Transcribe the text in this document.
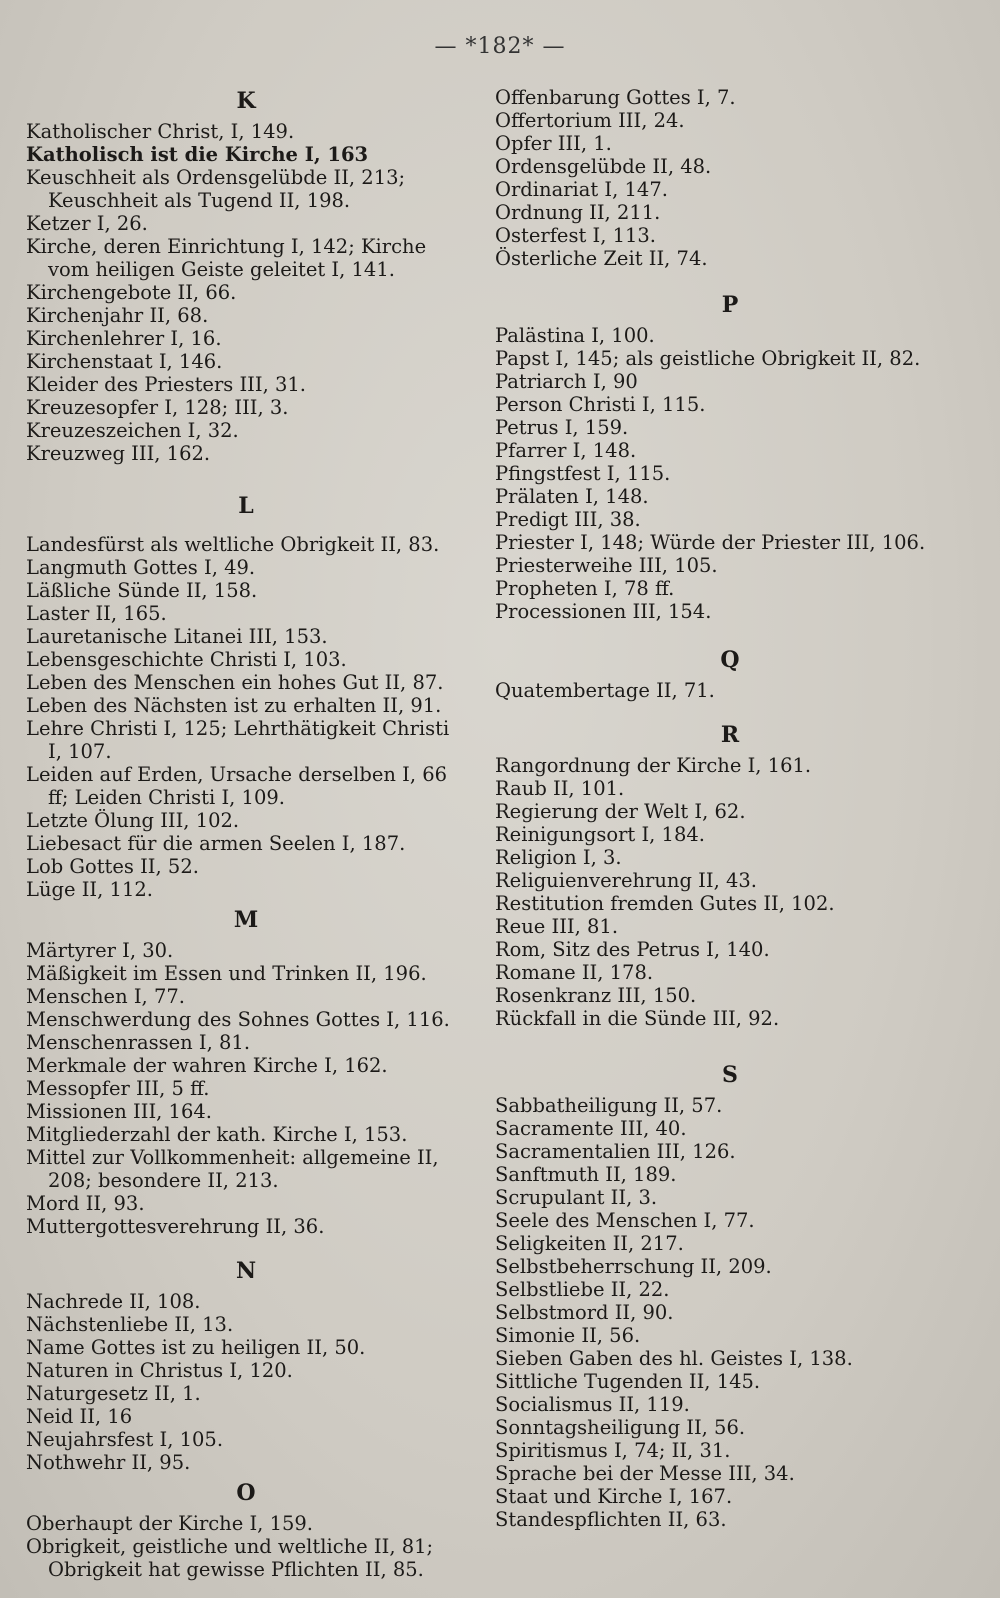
— *182* —
K
Katholischer Christ, I, 149.
Katholisch ist die Kirche I, 163
Keuschheit als Ordensgelübde II, 213; Keuschheit als Tugend II, 198.
Ketzer I, 26.
Kirche, deren Einrichtung I, 142; Kirche vom heiligen Geiste geleitet I, 141.
Kirchengebote II, 66.
Kirchenjahr II, 68.
Kirchenlehrer I, 16.
Kirchenstaat I, 146.
Kleider des Priesters III, 31.
Kreuzesopfer I, 128; III, 3.
Kreuzeszeichen I, 32.
Kreuzweg III, 162.
L
Landesfürst als weltliche Obrigkeit II, 83.
Langmuth Gottes I, 49.
Läßliche Sünde II, 158.
Laster II, 165.
Lauretanische Litanei III, 153.
Lebensgeschichte Christi I, 103.
Leben des Menschen ein hohes Gut II, 87.
Leben des Nächsten ist zu erhalten II, 91.
Lehre Christi I, 125; Lehrthätigkeit Christi I, 107.
Leiden auf Erden, Ursache derselben I, 66 ff; Leiden Christi I, 109.
Letzte Ölung III, 102.
Liebesact für die armen Seelen I, 187.
Lob Gottes II, 52.
Lüge II, 112.
M
Märtyrer I, 30.
Mäßigkeit im Essen und Trinken II, 196.
Menschen I, 77.
Menschwerdung des Sohnes Gottes I, 116.
Menschenrassen I, 81.
Merkmale der wahren Kirche I, 162.
Messopfer III, 5 ff.
Missionen III, 164.
Mitgliederzahl der kath. Kirche I, 153.
Mittel zur Vollkommenheit: allgemeine II, 208; besondere II, 213.
Mord II, 93.
Muttergottesverehrung II, 36.
N
Nachrede II, 108.
Nächstenliebe II, 13.
Name Gottes ist zu heiligen II, 50.
Naturen in Christus I, 120.
Naturgesetz II, 1.
Neid II, 16
Neujahrsfest I, 105.
Nothwehr II, 95.
O
Oberhaupt der Kirche I, 159.
Obrigkeit, geistliche und weltliche II, 81; Obrigkeit hat gewisse Pflichten II, 85.
Offenbarung Gottes I, 7.
Offertorium III, 24.
Opfer III, 1.
Ordensgelübde II, 48.
Ordinariat I, 147.
Ordnung II, 211.
Osterfest I, 113.
Österliche Zeit II, 74.
P
Palästina I, 100.
Papst I, 145; als geistliche Obrigkeit II, 82.
Patriarch I, 90
Person Christi I, 115.
Petrus I, 159.
Pfarrer I, 148.
Pfingstfest I, 115.
Prälaten I, 148.
Predigt III, 38.
Priester I, 148; Würde der Priester III, 106.
Priesterweihe III, 105.
Propheten I, 78 ff.
Processionen III, 154.
Q
Quatembertage II, 71.
R
Rangordnung der Kirche I, 161.
Raub II, 101.
Regierung der Welt I, 62.
Reinigungsort I, 184.
Religion I, 3.
Religuienverehrung II, 43.
Restitution fremden Gutes II, 102.
Reue III, 81.
Rom, Sitz des Petrus I, 140.
Romane II, 178.
Rosenkranz III, 150.
Rückfall in die Sünde III, 92.
S
Sabbatheiligung II, 57.
Sacramente III, 40.
Sacramentalien III, 126.
Sanftmuth II, 189.
Scrupulant II, 3.
Seele des Menschen I, 77.
Seligkeiten II, 217.
Selbstbeherrschung II, 209.
Selbstliebe II, 22.
Selbstmord II, 90.
Simonie II, 56.
Sieben Gaben des hl. Geistes I, 138.
Sittliche Tugenden II, 145.
Socialismus II, 119.
Sonntagsheiligung II, 56.
Spiritismus I, 74; II, 31.
Sprache bei der Messe III, 34.
Staat und Kirche I, 167.
Standespflichten II, 63.
